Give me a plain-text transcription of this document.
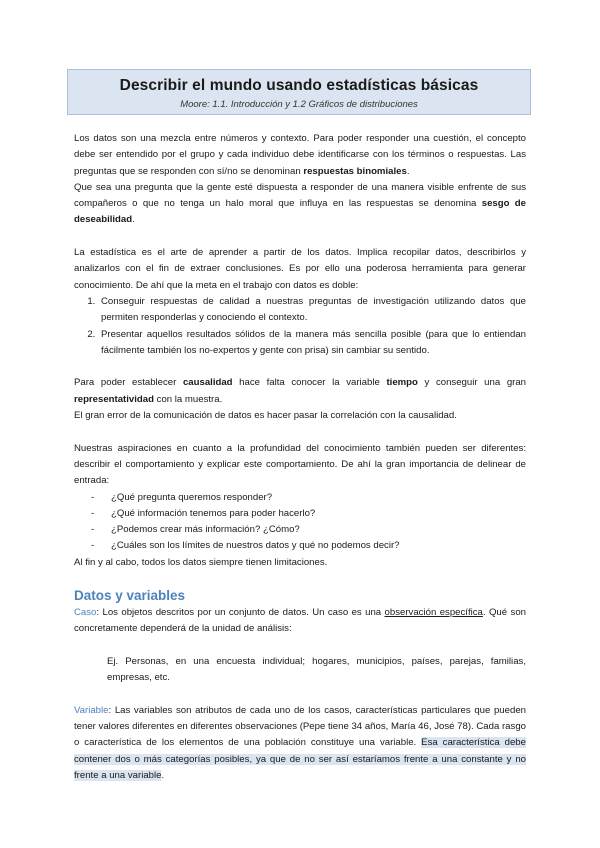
Describir el mundo usando estadísticas básicas
Moore: 1.1. Introducción y 1.2 Gráficos de distribuciones

Los datos son una mezcla entre números y contexto. Para poder responder una cuestión, el concepto debe ser entendido por el grupo y cada individuo debe identificarse con los términos o respuestas. Las preguntas que se responden con sí/no se denominan respuestas binomiales.

Que sea una pregunta que la gente esté dispuesta a responder de una manera visible enfrente de sus compañeros o que no tenga un halo moral que influya en las respuestas se denomina sesgo de deseabilidad.

La estadística es el arte de aprender a partir de los datos. Implica recopilar datos, describirlos y analizarlos con el fin de extraer conclusiones. Es por ello una poderosa herramienta para generar conocimiento. De ahí que la meta en el trabajo con datos es doble:

1. Conseguir respuestas de calidad a nuestras preguntas de investigación utilizando datos que permiten responderlas y conociendo el contexto.
2. Presentar aquellos resultados sólidos de la manera más sencilla posible (para que lo entiendan fácilmente también los no-expertos y gente con prisa) sin cambiar su sentido.

Para poder establecer causalidad hace falta conocer la variable tiempo y conseguir una gran representatividad con la muestra.

El gran error de la comunicación de datos es hacer pasar la correlación con la causalidad.

Nuestras aspiraciones en cuanto a la profundidad del conocimiento también pueden ser diferentes: describir el comportamiento y explicar este comportamiento. De ahí la gran importancia de delinear de entrada:

- ¿Qué pregunta queremos responder?
- ¿Qué información tenemos para poder hacerlo?
- ¿Podemos crear más información? ¿Cómo?
- ¿Cuáles son los límites de nuestros datos y qué no podemos decir?

Al fin y al cabo, todos los datos siempre tienen limitaciones.

Datos y variables

Caso: Los objetos descritos por un conjunto de datos. Un caso es una observación específica. Qué son concretamente dependerá de la unidad de análisis:

Ej. Personas, en una encuesta individual; hogares, municipios, países, parejas, familias, empresas, etc.

Variable: Las variables son atributos de cada uno de los casos, características particulares que pueden tener valores diferentes en diferentes observaciones (Pepe tiene 34 años, María 46, José 78). Cada rasgo o característica de los elementos de una población constituye una variable. Esa característica debe contener dos o más categorías posibles, ya que de no ser así estaríamos frente a una constante y no frente a una variable.
